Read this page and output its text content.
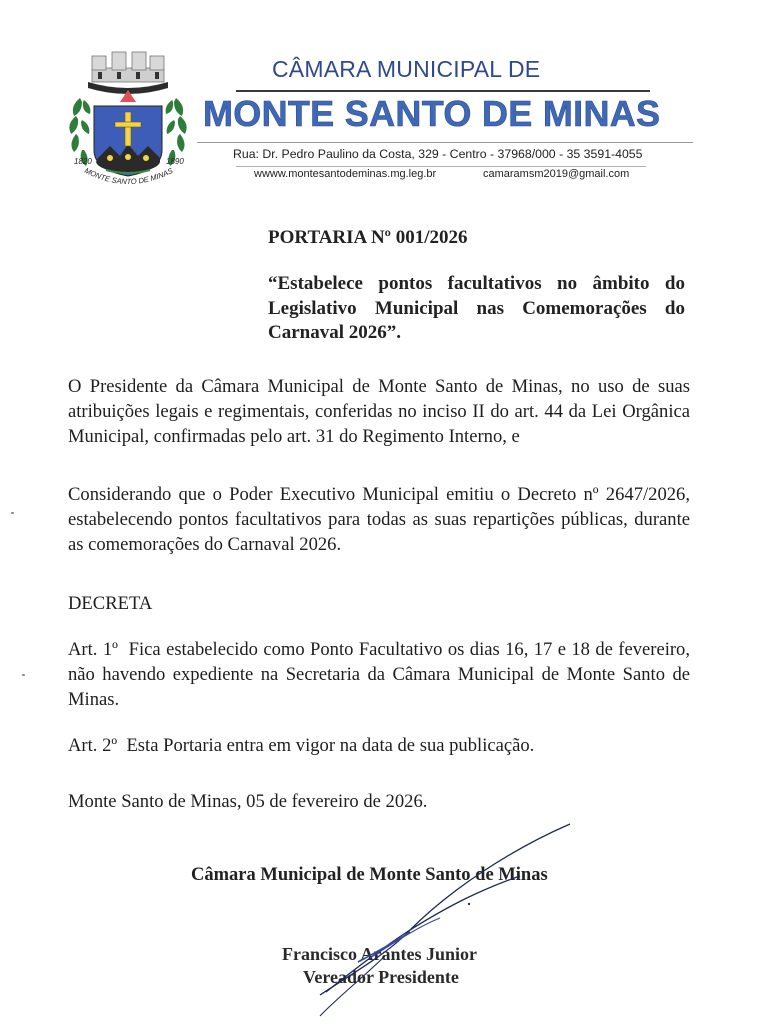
1820	1890
MONTE SANTO DE MINAS
CÂMARA MUNICIPAL DE
MONTE SANTO DE MINAS
Rua: Dr. Pedro Paulino da Costa, 329 - Centro - 37968/000 - 35 3591-4055
wwww.montesantodeminas.mg.leg.br	camaramsm2019@gmail.com
PORTARIA Nº 001/2026
“Estabelece pontos facultativos no âmbito do Legislativo Municipal nas Comemorações do Carnaval 2026”.
O Presidente da Câmara Municipal de Monte Santo de Minas, no uso de suas atribuições legais e regimentais, conferidas no inciso II do art. 44 da Lei Orgânica Municipal, confirmadas pelo art. 31 do Regimento Interno, e
Considerando que o Poder Executivo Municipal emitiu o Decreto nº 2647/2026, estabelecendo pontos facultativos para todas as suas repartições públicas, durante as comemorações do Carnaval 2026.
DECRETA
Art. 1º Fica estabelecido como Ponto Facultativo os dias 16, 17 e 18 de fevereiro, não havendo expediente na Secretaria da Câmara Municipal de Monte Santo de Minas.
Art. 2º Esta Portaria entra em vigor na data de sua publicação.
Monte Santo de Minas, 05 de fevereiro de 2026.
Câmara Municipal de Monte Santo de Minas
Francisco Arantes Junior
Vereador Presidente
